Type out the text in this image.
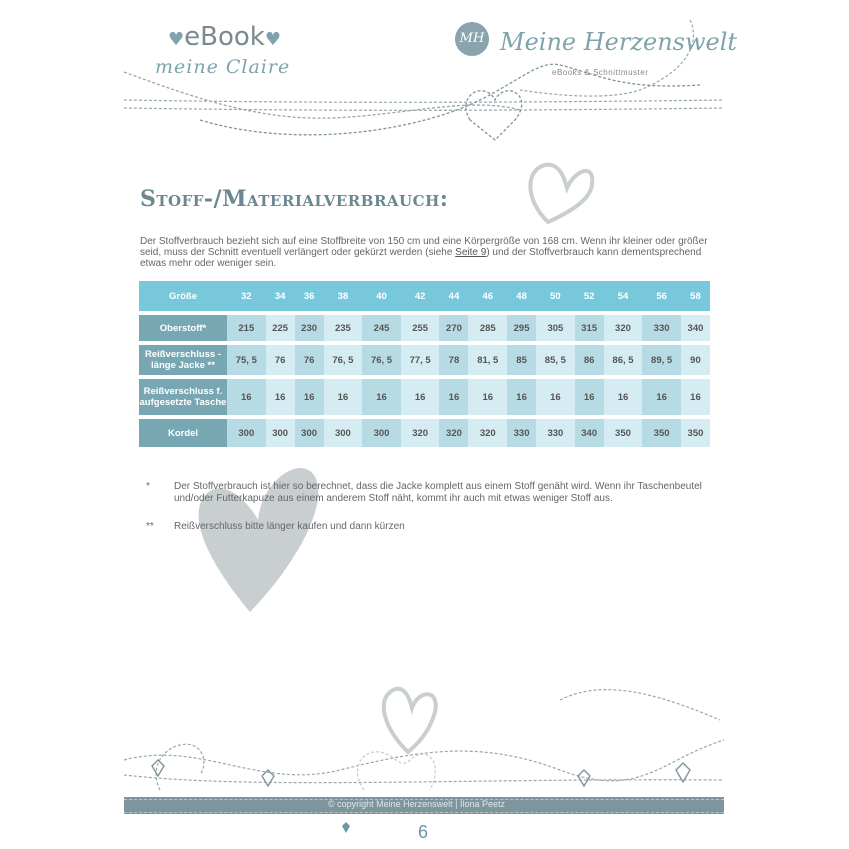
♥eBook♥
meine Claire
MH Meine Herzenswelt
eBooks & Schnittmuster
Stoff-/Materialverbrauch:
Der Stoffverbrauch bezieht sich auf eine Stoffbreite von 150 cm und eine Körpergröße von 168 cm. Wenn ihr kleiner oder größer seid, muss der Schnitt eventuell verlängert oder gekürzt werden (siehe Seite 9) und der Stoffverbrauch kann dementsprechend etwas mehr oder weniger sein.
Größe	32	34	36	38	40	42	44	46	48	50	52	54	56	58
Oberstoff*	215	225	230	235	245	255	270	285	295	305	315	320	330	340
Reißverschluss -länge Jacke **	75, 5	76	76	76, 5	76, 5	77, 5	78	81, 5	85	85, 5	86	86, 5	89, 5	90
Reißverschluss f. aufgesetzte Tasche	16	16	16	16	16	16	16	16	16	16	16	16	16	16
Kordel	300	300	300	300	300	320	320	320	330	330	340	350	350	350
* Der Stoffverbrauch ist hier so berechnet, dass die Jacke komplett aus einem Stoff genäht wird. Wenn ihr Taschenbeutel und/oder Futterkapuze aus einem anderem Stoff näht, kommt ihr auch mit etwas weniger Stoff aus.
** Reißverschluss bitte länger kaufen und dann kürzen
© copyright Meine Herzenswelt | Ilona Peetz
6
